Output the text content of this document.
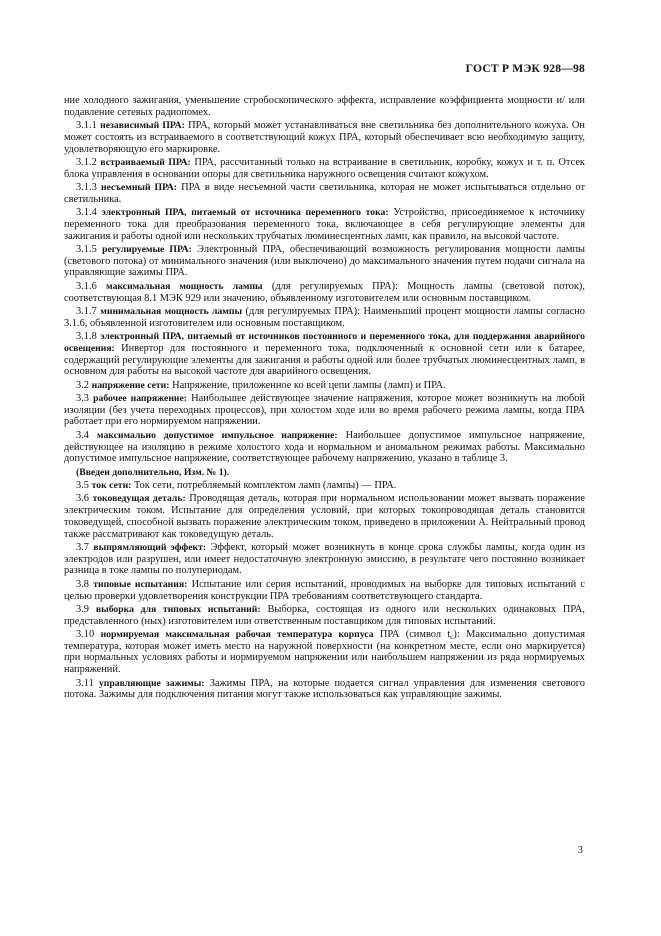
ГОСТ Р МЭК 928—98

ние холодного зажигания, уменьшение стробоскопического эффекта, исправление коэффициента мощности и/ или подавление сетевых радиопомех.

3.1.1 независимый ПРА: ПРА, который может устанавливаться вне светильника без дополнительного кожуха. Он может состоять из встраиваемого в соответствующий кожух ПРА, который обеспечивает всю необходимую защиту, удовлетворяющую его маркировке.

3.1.2 встраиваемый ПРА: ПРА, рассчитанный только на встраивание в светильник, коробку, кожух и т. п. Отсек блока управления в основании опоры для светильника наружного освещения считают кожухом.

3.1.3 несъемный ПРА: ПРА в виде несъемной части светильника, которая не может испытываться отдельно от светильника.

3.1.4 электронный ПРА, питаемый от источника переменного тока: Устройство, присоединяемое к источнику переменного тока для преобразования переменного тока, включающее в себя регулирующие элементы для зажигания и работы одной или нескольких трубчатых люминесцентных ламп, как правило, на высокой частоте.

3.1.5 регулируемые ПРА: Электронный ПРА, обеспечивающий возможность регулирования мощности лампы (светового потока) от минимального значения (или выключено) до максимального значения путем подачи сигнала на управляющие зажимы ПРА.

3.1.6 максимальная мощность лампы (для регулируемых ПРА): Мощность лампы (световой поток), соответствующая 8.1 МЭК 929 или значению, объявленному изготовителем или основным поставщиком.

3.1.7 минимальная мощность лампы (для регулируемых ПРА): Наименьший процент мощности лампы согласно 3.1.6, объявленной изготовителем или основным поставщиком.

3.1.8 электронный ПРА, питаемый от источников постоянного и переменного тока, для поддержания аварийного освещения: Инвертор для постоянного и переменного тока, подключенный к основной сети или к батарее, содержащий регулирующие элементы для зажигания и работы одной или более трубчатых люминесцентных ламп, в основном для работы на высокой частоте для аварийного освещения.

3.2 напряжение сети: Напряжение, приложенное ко всей цепи лампы (ламп) и ПРА.

3.3 рабочее напряжение: Наибольшее действующее значение напряжения, которое может возникнуть на любой изоляции (без учета переходных процессов), при холостом ходе или во время рабочего режима лампы, когда ПРА работает при его нормируемом напряжении.

3.4 максимально допустимое импульсное напряжение: Наибольшее допустимое импульсное напряжение, действующее на изоляцию в режиме холостого хода и нормальном и аномальном режимах работы. Максимально допустимое импульсное напряжение, соответствующее рабочему напряжению, указано в таблице 3.

(Введен дополнительно, Изм. № 1).

3.5 ток сети: Ток сети, потребляемый комплектом ламп (лампы) — ПРА.

3.6 токоведущая деталь: Проводящая деталь, которая при нормальном использовании может вызвать поражение электрическим током. Испытание для определения условий, при которых токопроводящая деталь становится токоведущей, способной вызвать поражение электрическим током, приведено в приложении А. Нейтральный провод также рассматривают как токоведущую деталь.

3.7 выпрямляющий эффект: Эффект, который может возникнуть в конце срока службы лампы, когда один из электродов или разрушен, или имеет недостаточную электронную эмиссию, в результате чего постоянно возникает разница в токе лампы по полупериодам.

3.8 типовые испытания: Испытание или серия испытаний, проводимых на выборке для типовых испытаний с целью проверки удовлетворения конструкции ПРА требованиям соответствующего стандарта.

3.9 выборка для типовых испытаний: Выборка, состоящая из одного или нескольких одинаковых ПРА, представленного (ных) изготовителем или ответственным поставщиком для типовых испытаний.

3.10 нормируемая максимальная рабочая температура корпуса ПРА (символ $t_c$): Максимально допустимая температура, которая может иметь место на наружной поверхности (на конкретном месте, если оно маркируется) при нормальных условиях работы и нормируемом напряжении или наибольшем напряжении из ряда нормируемых напряжений.

3.11 управляющие зажимы: Зажимы ПРА, на которые подается сигнал управления для изменения светового потока. Зажимы для подключения питания могут также использоваться как управляющие зажимы.

3
